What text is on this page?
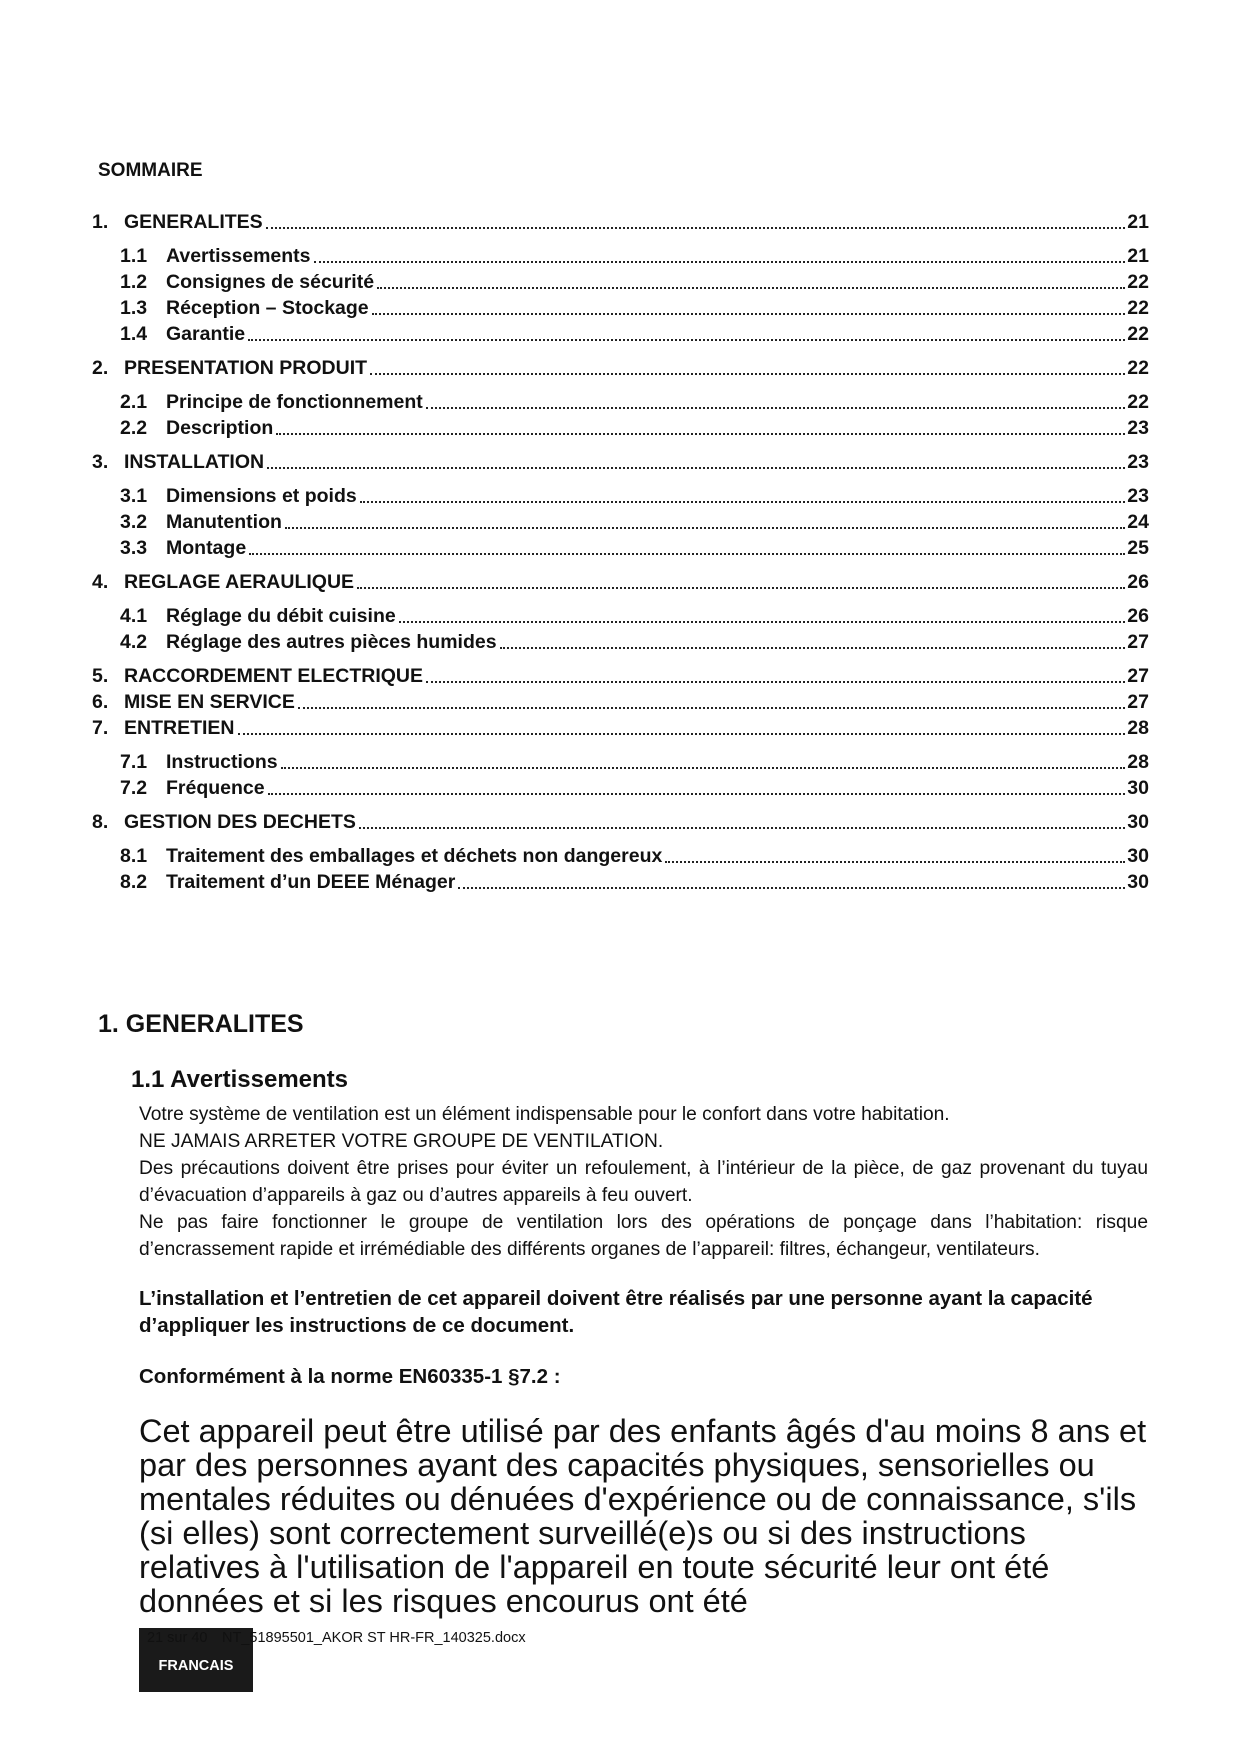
SOMMAIRE
1. GENERALITES	21
1.1 Avertissements	21
1.2 Consignes de sécurité	22
1.3 Réception – Stockage	22
1.4 Garantie	22
2. PRESENTATION PRODUIT	22
2.1 Principe de fonctionnement	22
2.2 Description	23
3. INSTALLATION	23
3.1 Dimensions et poids	23
3.2 Manutention	24
3.3 Montage	25
4. REGLAGE AERAULIQUE	26
4.1 Réglage du débit cuisine	26
4.2 Réglage des autres pièces humides	27
5. RACCORDEMENT ELECTRIQUE	27
6. MISE EN SERVICE	27
7. ENTRETIEN	28
7.1 Instructions	28
7.2 Fréquence	30
8. GESTION DES DECHETS	30
8.1 Traitement des emballages et déchets non dangereux	30
8.2 Traitement d’un DEEE Ménager	30
1. GENERALITES
1.1 Avertissements

Votre système de ventilation est un élément indispensable pour le confort dans votre habitation.

NE JAMAIS ARRETER VOTRE GROUPE DE VENTILATION.

Des précautions doivent être prises pour éviter un refoulement, à l’intérieur de la pièce, de gaz provenant du tuyau d’évacuation d’appareils à gaz ou d’autres appareils à feu ouvert.

Ne pas faire fonctionner le groupe de ventilation lors des opérations de ponçage dans l’habitation: risque d’encrassement rapide et irrémédiable des différents organes de l’appareil: filtres, échangeur, ventilateurs.

L’installation et l’entretien de cet appareil doivent être réalisés par une personne ayant la capacité d’appliquer les instructions de ce document.

Conformément à la norme EN60335-1 §7.2 :

Cet appareil peut être utilisé par des enfants âgés d'au moins 8 ans et par des personnes ayant des capacités physiques, sensorielles ou mentales réduites ou dénuées d'expérience ou de connaissance, s'ils (si elles) sont correctement surveillé(e)s ou si des instructions relatives à l'utilisation de l'appareil en toute sécurité leur ont été données et si les risques encourus ont été

21 sur 40
FRANCAIS
NT_51895501_AKOR ST HR-FR_140325.docx
